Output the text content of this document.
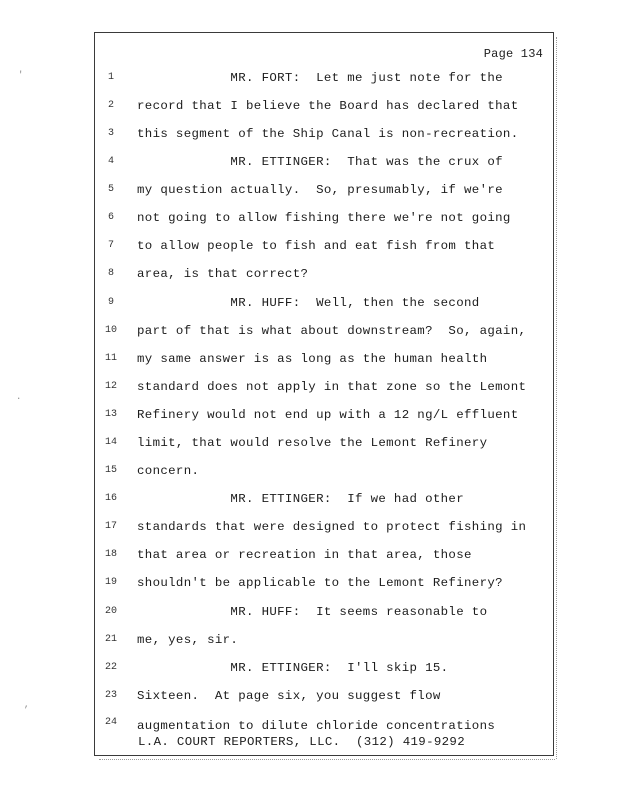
Page 134
'
.
,
1	MR. FORT:  Let me just note for the
2	record that I believe the Board has declared that
3	this segment of the Ship Canal is non-recreation.
4	MR. ETTINGER:  That was the crux of
5	my question actually.  So, presumably, if we're
6	not going to allow fishing there we're not going
7	to allow people to fish and eat fish from that
8	area, is that correct?
9	MR. HUFF:  Well, then the second
10 part of that is what about downstream?  So, again,
11 my same answer is as long as the human health
12 standard does not apply in that zone so the Lemont
13 Refinery would not end up with a 12 ng/L effluent
14 limit, that would resolve the Lemont Refinery
15 concern.
16 MR. ETTINGER:  If we had other
17 standards that were designed to protect fishing in
18 that area or recreation in that area, those
19 shouldn't be applicable to the Lemont Refinery?
20 MR. HUFF:  It seems reasonable to
21 me, yes, sir.
22 MR. ETTINGER:  I'll skip 15.
23 Sixteen.  At page six, you suggest flow
24 augmentation to dilute chloride concentrations
L.A. COURT REPORTERS, LLC.  (312) 419-9292
